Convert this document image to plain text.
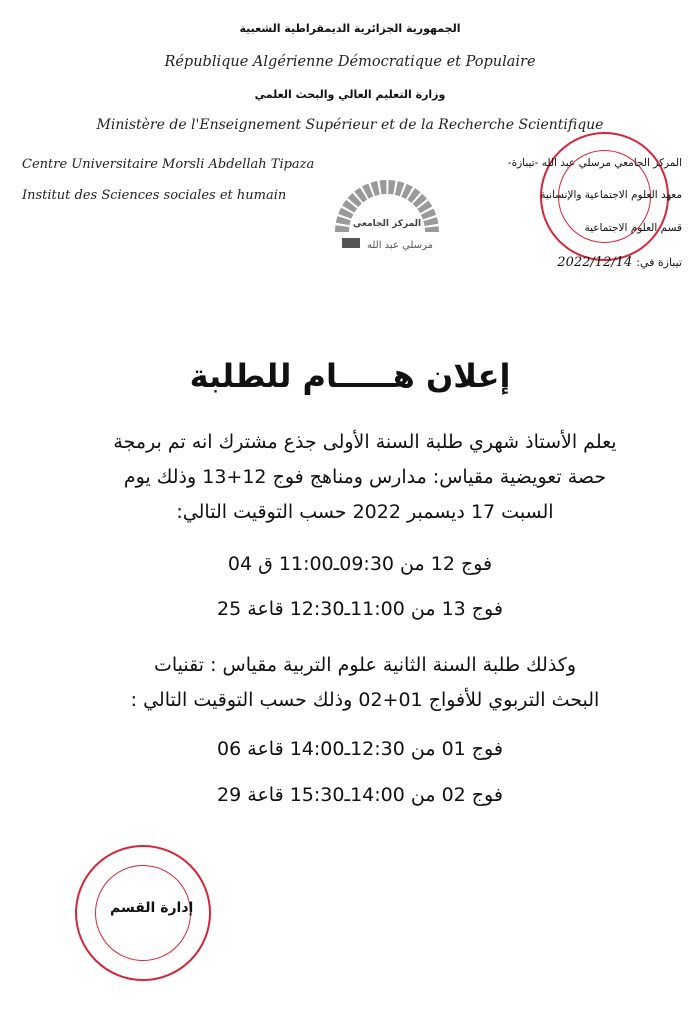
الجمهورية الجزائرية الديمقراطية الشعبية
République Algérienne Démocratique et Populaire
وزارة التعليم العالي والبحث العلمي
Ministère de l'Enseignement Supérieur et de la Recherche Scientifique
Centre Universitaire Morsli Abdellah Tipaza
Institut des Sciences sociales et humain
المركز الجامعي
مرسلي عبد الله
المركز الجامعي مرسلي عبد الله -تيبازة-
معهد العلوم الاجتماعية والإنسانية
قسم العلوم الاجتماعية
تيبازة في:
2022/12/14
إعلان هـــــام للطلبة
يعلم الأستاذ شهري طلبة السنة الأولى جذع مشترك انه تم برمجة
حصة تعويضية مقياس: مدارس ومناهج فوج 12+13 وذلك يوم
السبت 17 ديسمبر 2022 حسب التوقيت التالي:
فوج 12 من 09:30ـ11:00 ق 04
فوج 13 من 11:00ـ12:30 قاعة 25
وكذلك طلبة السنة الثانية علوم التربية مقياس : تقنيات
البحث التربوي للأفواج 01+02 وذلك حسب التوقيت التالي :
فوج 01 من 12:30ـ14:00 قاعة 06
فوج 02 من 14:00ـ15:30 قاعة 29
إدارة القسم
